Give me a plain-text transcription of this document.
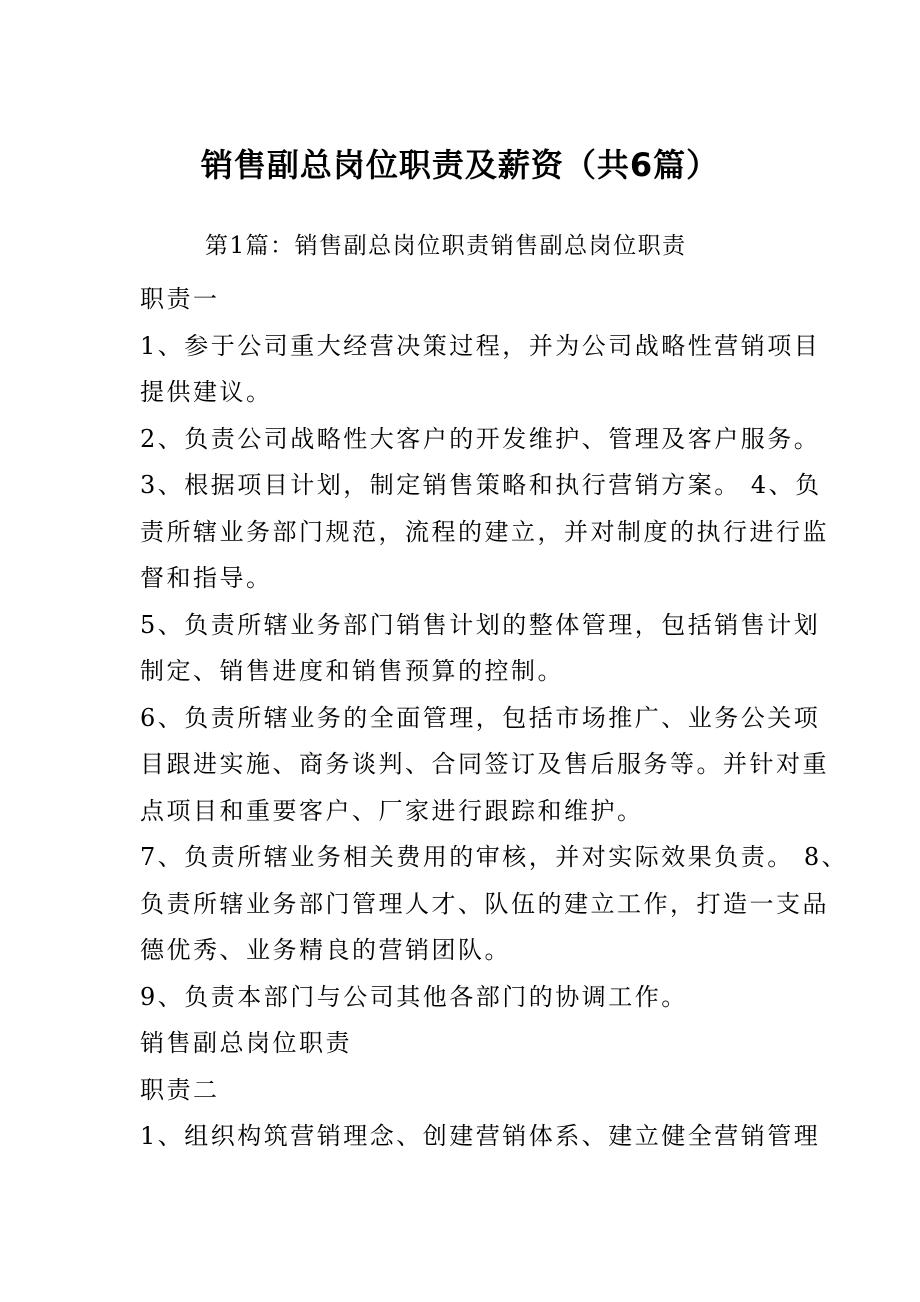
销售副总岗位职责及薪资（共6篇）
第1篇：销售副总岗位职责销售副总岗位职责

职责一

1、参于公司重大经营决策过程，并为公司战略性营销项目
提供建议。

2、负责公司战略性大客户的开发维护、管理及客户服务。

3、根据项目计划，制定销售策略和执行营销方案。 4、负
责所辖业务部门规范，流程的建立，并对制度的执行进行监
督和指导。

5、负责所辖业务部门销售计划的整体管理，包括销售计划
制定、销售进度和销售预算的控制。

6、负责所辖业务的全面管理，包括市场推广、业务公关项
目跟进实施、商务谈判、合同签订及售后服务等。并针对重
点项目和重要客户、厂家进行跟踪和维护。

7、负责所辖业务相关费用的审核，并对实际效果负责。 8、
负责所辖业务部门管理人才、队伍的建立工作，打造一支品
德优秀、业务精良的营销团队。

9、负责本部门与公司其他各部门的协调工作。

销售副总岗位职责

职责二

1、组织构筑营销理念、创建营销体系、建立健全营销管理
